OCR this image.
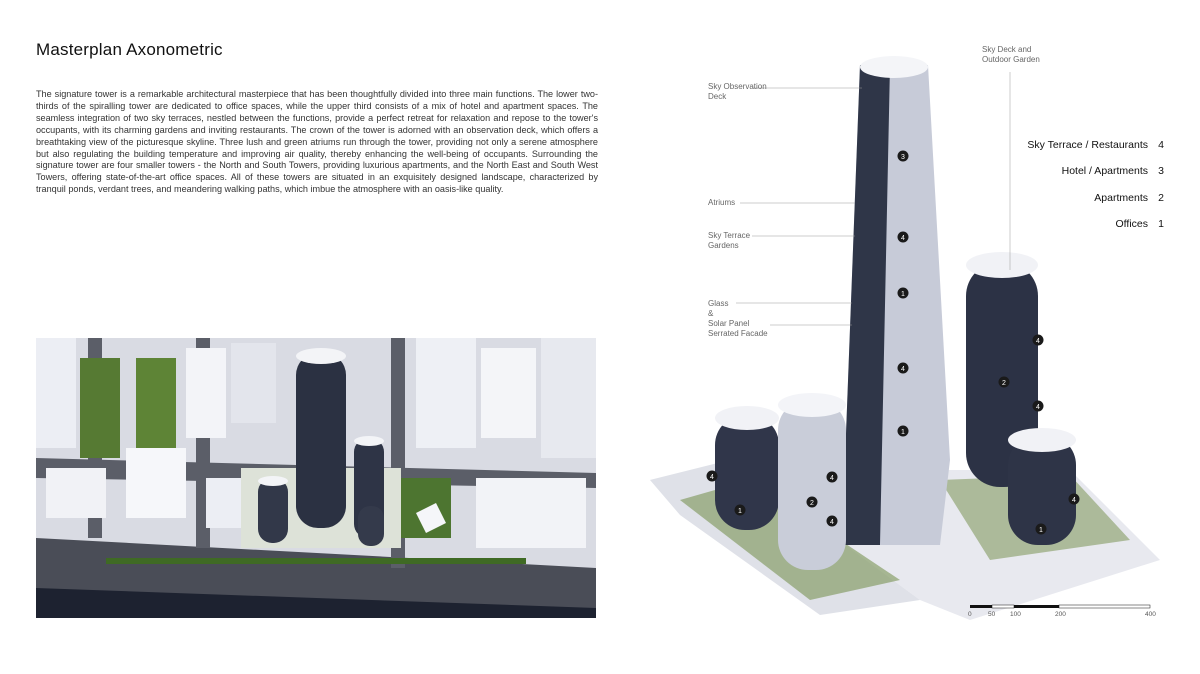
Masterplan Axonometric
The signature tower is a remarkable architectural masterpiece that has been thoughtfully divided into three main functions. The lower two-thirds of the spiralling tower are dedicated to office spaces, while the upper third consists of a mix of hotel and apartment spaces. The seamless integration of two sky terraces, nestled between the functions, provide a perfect retreat for relaxation and repose to the tower's occupants, with its charming gardens and inviting restaurants. The crown of the tower is adorned with an observation deck, which offers a breathtaking view of the picturesque skyline. Three lush and green atriums run through the tower, providing not only a serene atmosphere but also regulating the building temperature and improving air quality, thereby enhancing the well-being of occupants. Surrounding the signature tower are four smaller towers - the North and South Towers, providing luxurious apartments, and the North East and South West Towers, offering state-of-the-art office spaces. All of these towers are situated in an exquisitely designed landscape, characterized by tranquil ponds, verdant trees, and meandering walking paths, which imbue the atmosphere with an oasis-like quality.
3
4
1
4
1
4
2
4
4
1
4
2
4
4
1
Sky Observation
Deck
Sky Deck and
Outdoor Garden
Atriums
Sky Terrace
Gardens
Glass
&
Solar Panel
Serrated Facade
Sky Terrace / Restaurants 4
Hotel / Apartments 3
Apartments 2
Offices 1
0	50 100	200	400
